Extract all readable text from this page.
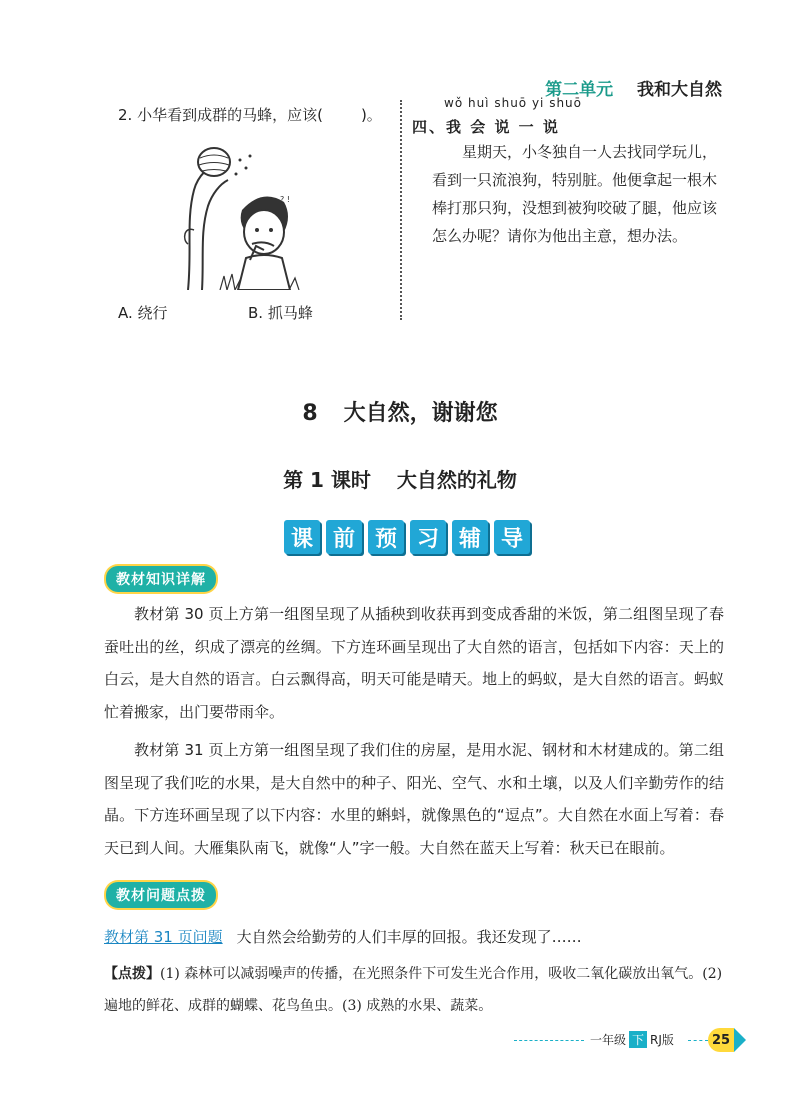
第二单元 我和大自然
2. 小华看到成群的马蜂，应该(	)。
? !
A. 绕行	B. 抓马蜂
wǒ huì shuō yi shuō
四、我 会 说 一 说
星期天，小冬独自一人去找同学玩儿，看到一只流浪狗，特别脏。他便拿起一根木棒打那只狗，没想到被狗咬破了腿，他应该怎么办呢？请你为他出主意，想办法。
8 大自然，谢谢您
第 1 课时 大自然的礼物
课 前 预 习 辅 导
教材知识详解
教材第 30 页上方第一组图呈现了从插秧到收获再到变成香甜的米饭，第二组图呈现了春蚕吐出的丝，织成了漂亮的丝绸。下方连环画呈现出了大自然的语言，包括如下内容：天上的白云，是大自然的语言。白云飘得高，明天可能是晴天。地上的蚂蚁，是大自然的语言。蚂蚁忙着搬家，出门要带雨伞。
教材第 31 页上方第一组图呈现了我们住的房屋，是用水泥、钢材和木材建成的。第二组图呈现了我们吃的水果，是大自然中的种子、阳光、空气、水和土壤，以及人们辛勤劳作的结晶。下方连环画呈现了以下内容：水里的蝌蚪，就像黑色的“逗点”。大自然在水面上写着：春天已到人间。大雁集队南飞，就像“人”字一般。大自然在蓝天上写着：秋天已在眼前。
教材问题点拨
教材第 31 页问题 大自然会给勤劳的人们丰厚的回报。我还发现了……
【点拨】(1) 森林可以减弱噪声的传播，在光照条件下可发生光合作用，吸收二氧化碳放出氧气。(2) 遍地的鲜花、成群的蝴蝶、花鸟鱼虫。(3) 成熟的水果、蔬菜。
一年级 下 RJ版	25
